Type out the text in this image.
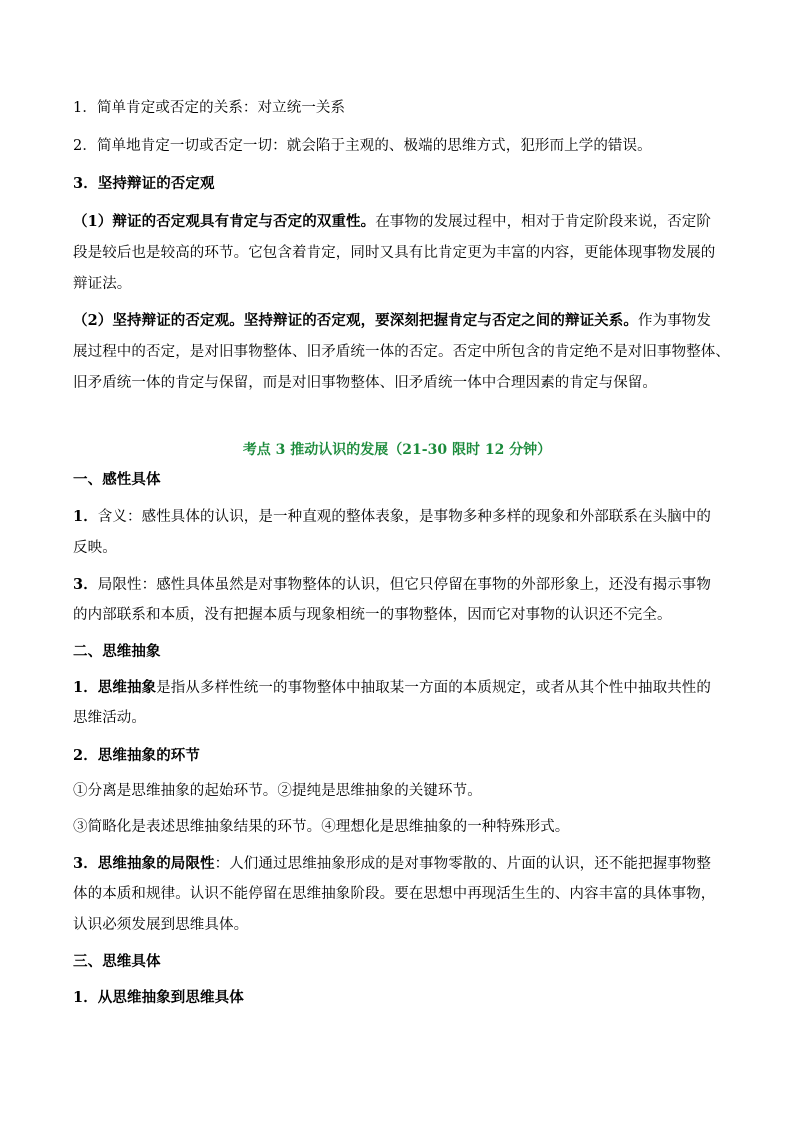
1．简单肯定或否定的关系：对立统一关系
2．简单地肯定一切或否定一切：就会陷于主观的、极端的思维方式，犯形而上学的错误。
3．坚持辩证的否定观
（1）辩证的否定观具有肯定与否定的双重性。在事物的发展过程中，相对于肯定阶段来说，否定阶
段是较后也是较高的环节。它包含着肯定，同时又具有比肯定更为丰富的内容，更能体现事物发展的
辩证法。
（2）坚持辩证的否定观。坚持辩证的否定观，要深刻把握肯定与否定之间的辩证关系。作为事物发
展过程中的否定，是对旧事物整体、旧矛盾统一体的否定。否定中所包含的肯定绝不是对旧事物整体、
旧矛盾统一体的肯定与保留，而是对旧事物整体、旧矛盾统一体中合理因素的肯定与保留。
考点 3 推动认识的发展（21-30 限时 12 分钟）
一、感性具体
1．含义：感性具体的认识，是一种直观的整体表象，是事物多种多样的现象和外部联系在头脑中的
反映。
3．局限性：感性具体虽然是对事物整体的认识，但它只停留在事物的外部形象上，还没有揭示事物
的内部联系和本质，没有把握本质与现象相统一的事物整体，因而它对事物的认识还不完全。
二、思维抽象
1．思维抽象是指从多样性统一的事物整体中抽取某一方面的本质规定，或者从其个性中抽取共性的
思维活动。
2．思维抽象的环节
①分离是思维抽象的起始环节。②提纯是思维抽象的关键环节。
③简略化是表述思维抽象结果的环节。④理想化是思维抽象的一种特殊形式。
3．思维抽象的局限性：人们通过思维抽象形成的是对事物零散的、片面的认识，还不能把握事物整
体的本质和规律。认识不能停留在思维抽象阶段。要在思想中再现活生生的、内容丰富的具体事物，
认识必须发展到思维具体。
三、思维具体
1．从思维抽象到思维具体
